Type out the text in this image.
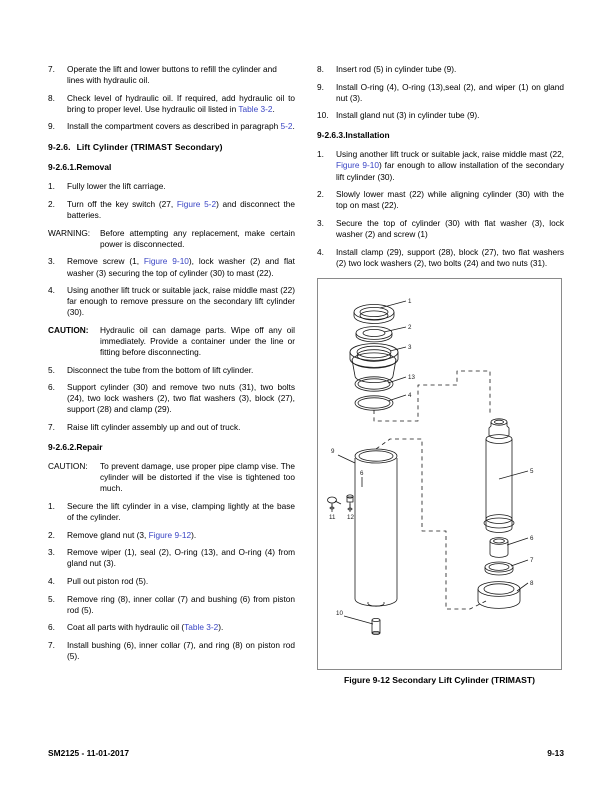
7.	Operate the lift and lower buttons to refill the cylinder and lines with hydraulic oil.
8.	Check level of hydraulic oil. If required, add hydraulic oil to bring to proper level. Use hydraulic oil listed in Table 3-2.
9.	Install the compartment covers as described in paragraph 5-2.
9-2.6. Lift Cylinder (TRIMAST Secondary)
9-2.6.1.Removal
1.	Fully lower the lift carriage.
2.	Turn off the key switch (27, Figure 5-2) and disconnect the batteries.
WARNING:	Before attempting any replacement, make certain power is disconnected.
3.	Remove screw (1, Figure 9-10), lock washer (2) and flat washer (3) securing the top of cylinder (30) to mast (22).
4.	Using another lift truck or suitable jack, raise middle mast (22) far enough to remove pressure on the secondary lift cylinder (30).
CAUTION:	Hydraulic oil can damage parts. Wipe off any oil immediately. Provide a container under the line or fitting before disconnecting.
5.	Disconnect the tube from the bottom of lift cylinder.
6.	Support cylinder (30) and remove two nuts (31), two bolts (24), two lock washers (2), two flat washers (3), block (27), support (28) and clamp (29).
7.	Raise lift cylinder assembly up and out of truck.
9-2.6.2.Repair
CAUTION:	To prevent damage, use proper pipe clamp vise. The cylinder will be distorted if the vise is tightened too much.
1.	Secure the lift cylinder in a vise, clamping lightly at the base of the cylinder.
2.	Remove gland nut (3, Figure 9-12).
3.	Remove wiper (1), seal (2), O-ring (13), and O-ring (4) from gland nut (3).
4.	Pull out piston rod (5).
5.	Remove ring (8), inner collar (7) and bushing (6) from piston rod (5).
6.	Coat all parts with hydraulic oil (Table 3-2).
7.	Install bushing (6), inner collar (7), and ring (8) on piston rod (5).
8.	Insert rod (5) in cylinder tube (9).
9.	Install O-ring (4), O-ring (13),seal (2), and wiper (1) on gland nut (3).
10. Install gland nut (3) in cylinder tube (9).
9-2.6.3.Installation
1.	Using another lift truck or suitable jack, raise middle mast (22, Figure 9-10) far enough to allow installation of the secondary lift cylinder (30).
2.	Slowly lower mast (22) while aligning cylinder (30) with the top on mast (22).
3.	Secure the top of cylinder (30) with flat washer (3), lock washer (2) and screw (1)
4.	Install clamp (29), support (28), block (27), two flat washers (2) two lock washers (2), two bolts (24) and two nuts (31).
1
2
3
13
4
9
6
11 12
10
5
6
7
8
Figure 9-12 Secondary Lift Cylinder (TRIMAST)
SM2125 - 11-01-2017	9-13
